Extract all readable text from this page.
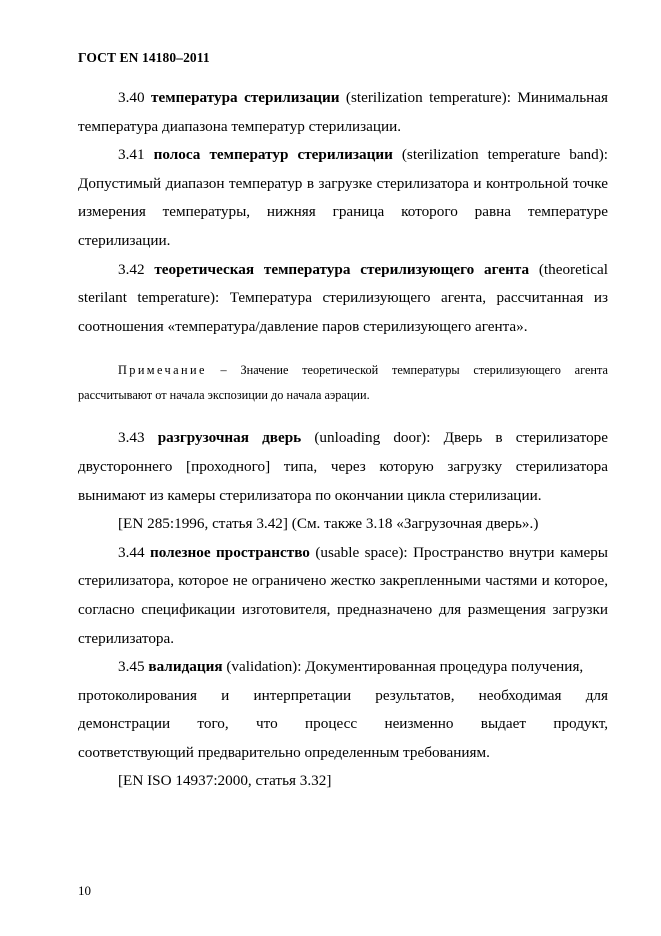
ГОСТ EN 14180–2011

3.40 температура стерилизации (sterilization temperature): Минимальная температура диапазона температур стерилизации.

3.41 полоса температур стерилизации (sterilization temperature band): Допустимый диапазон температур в загрузке стерилизатора и контрольной точке измерения температуры, нижняя граница которого равна температуре стерилизации.

3.42 теоретическая температура стерилизующего агента (theoretical sterilant temperature): Температура стерилизующего агента, рассчитанная из соотношения «температура/давление паров стерилизующего агента».

Примечание – Значение теоретической температуры стерилизующего агента рассчитывают от начала экспозиции до начала аэрации.

3.43 разгрузочная дверь (unloading door): Дверь в стерилизаторе двустороннего [проходного] типа, через которую загрузку стерилизатора вынимают из камеры стерилизатора по окончании цикла стерилизации.

[EN 285:1996, статья 3.42] (См. также 3.18 «Загрузочная дверь».)

3.44 полезное пространство (usable space): Пространство внутри камеры стерилизатора, которое не ограничено жестко закрепленными частями и которое, согласно спецификации изготовителя, предназначено для размещения загрузки стерилизатора.

3.45 валидация (validation): Документированная процедура получения,

протоколирования и интерпретации результатов, необходимая для

демонстрации того, что процесс неизменно выдает продукт,

соответствующий предварительно определенным требованиям.

[EN ISO 14937:2000, статья 3.32]

10
